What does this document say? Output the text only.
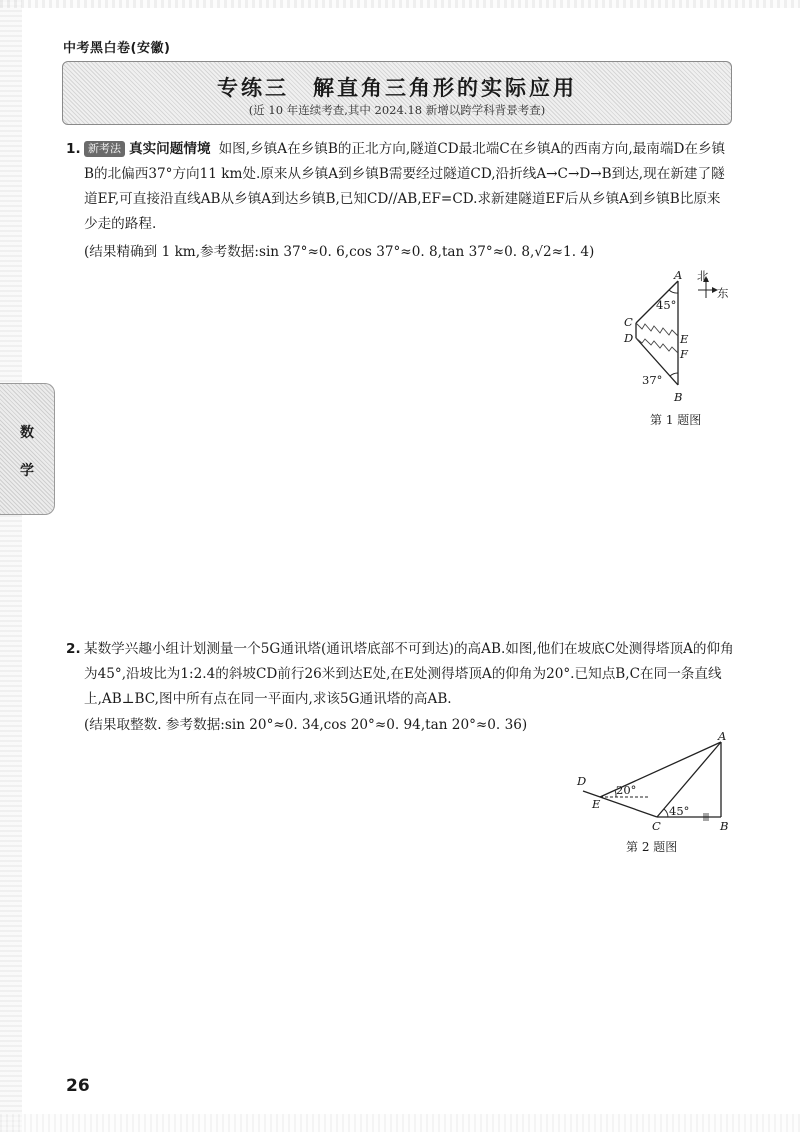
中考黑白卷(安徽)
专练三　解直角三角形的实际应用
(近 10 年连续考查,其中 2024.18 新增以跨学科背景考查)
数
学
1. 新考法 真实问题情境 如图,乡镇A在乡镇B的正北方向,隧道CD最北端C在乡镇A的西南方向,最南端D在乡镇B的北偏西37°方向11 km处.原来从乡镇A到乡镇B需要经过隧道CD,沿折线A→C→D→B到达,现在新建了隧道EF,可直接沿直线AB从乡镇A到达乡镇B,已知CD//AB,EF=CD.求新建隧道EF后从乡镇A到乡镇B比原来少走的路程.
(结果精确到 1 km,参考数据:sin 37°≈0. 6,cos 37°≈0. 8,tan 37°≈0. 8,√2≈1. 4)
A 北
东
45°
C
D	E
F
37°
B
第 1 题图
2. 某数学兴趣小组计划测量一个5G通讯塔(通讯塔底部不可到达)的高AB.如图,他们在坡底C处测得塔顶A的仰角为45°,沿坡比为1:2.4的斜坡CD前行26米到达E处,在E处测得塔顶A的仰角为20°.已知点B,C在同一条直线上,AB⊥BC,图中所有点在同一平面内,求该5G通讯塔的高AB.
(结果取整数. 参考数据:sin 20°≈0. 34,cos 20°≈0. 94,tan 20°≈0. 36)
A
D
E
20°
45°
C	B
第 2 题图
26
